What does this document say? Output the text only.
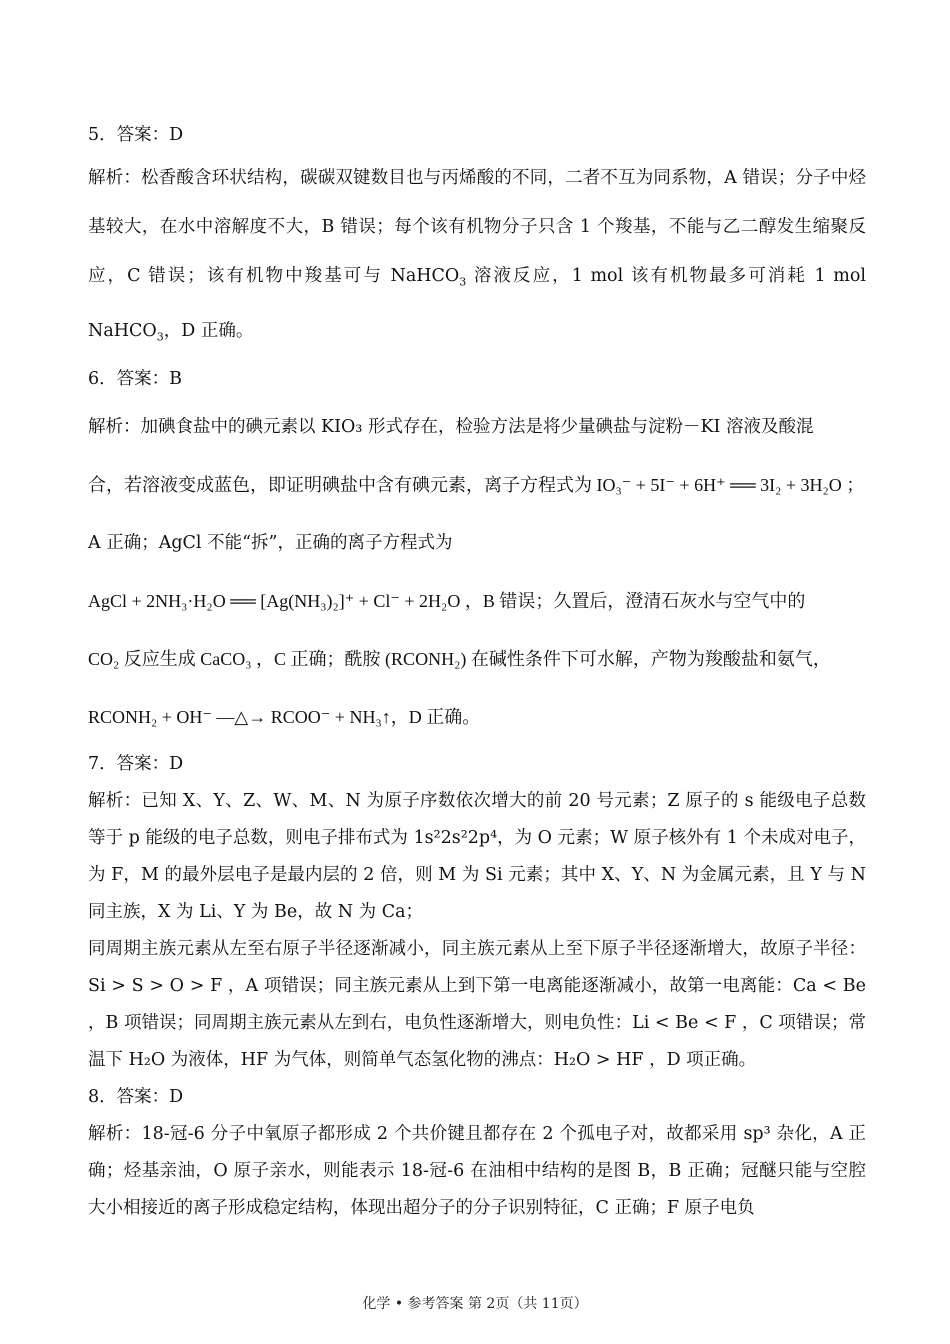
5．答案：D

解析：松香酸含环状结构，碳碳双键数目也与丙烯酸的不同，二者不互为同系物，A 错误；分子中烃基较大，在水中溶解度不大，B 错误；每个该有机物分子只含 1 个羧基，不能与乙二醇发生缩聚反应，C 错误；该有机物中羧基可与 NaHCO$_3$ 溶液反应，1 mol 该有机物最多可消耗 1 mol NaHCO$_3$，D 正确。

6．答案：B

解析：加碘食盐中的碘元素以 KIO₃ 形式存在，检验方法是将少量碘盐与淀粉－KI 溶液及酸混

合，若溶液变成蓝色，即证明碘盐中含有碘元素，离子方程式为 IO₃⁻ + 5I⁻ + 6H⁺ ══ 3I₂ + 3H₂O ；

A 正确；AgCl 不能“拆”，正确的离子方程式为

AgCl + 2NH₃·H₂O ══ [Ag(NH₃)₂]⁺ + Cl⁻ + 2H₂O ，B 错误；久置后，澄清石灰水与空气中的

CO₂ 反应生成 CaCO₃ ，C 正确；酰胺 (RCONH₂) 在碱性条件下可水解，产物为羧酸盐和氨气，

RCONH₂ + OH⁻ —△→ RCOO⁻ + NH₃↑，D 正确。

7．答案：D

解析：已知 X、Y、Z、W、M、N 为原子序数依次增大的前 20 号元素；Z 原子的 s 能级电子总数等于 p 能级的电子总数，则电子排布式为 1s²2s²2p⁴，为 O 元素；W 原子核外有 1 个未成对电子，为 F，M 的最外层电子是最内层的 2 倍，则 M 为 Si 元素；其中 X、Y、N 为金属元素，且 Y 与 N 同主族，X 为 Li、Y 为 Be，故 N 为 Ca；

同周期主族元素从左至右原子半径逐渐减小，同主族元素从上至下原子半径逐渐增大，故原子半径：Si > S > O > F ，A 项错误；同主族元素从上到下第一电离能逐渐减小，故第一电离能：Ca < Be ，B 项错误；同周期主族元素从左到右，电负性逐渐增大，则电负性：Li < Be < F ，C 项错误；常温下 H₂O 为液体，HF 为气体，则简单气态氢化物的沸点：H₂O > HF ，D 项正确。

8．答案：D

解析：18-冠-6 分子中氧原子都形成 2 个共价键且都存在 2 个孤电子对，故都采用 sp³ 杂化，A 正确；烃基亲油，O 原子亲水，则能表示 18-冠-6 在油相中结构的是图 B，B 正确；冠醚只能与空腔大小相接近的离子形成稳定结构，体现出超分子的分子识别特征，C 正确；F 原子电负

化学 • 参考答案 第 2页（共 11页）
